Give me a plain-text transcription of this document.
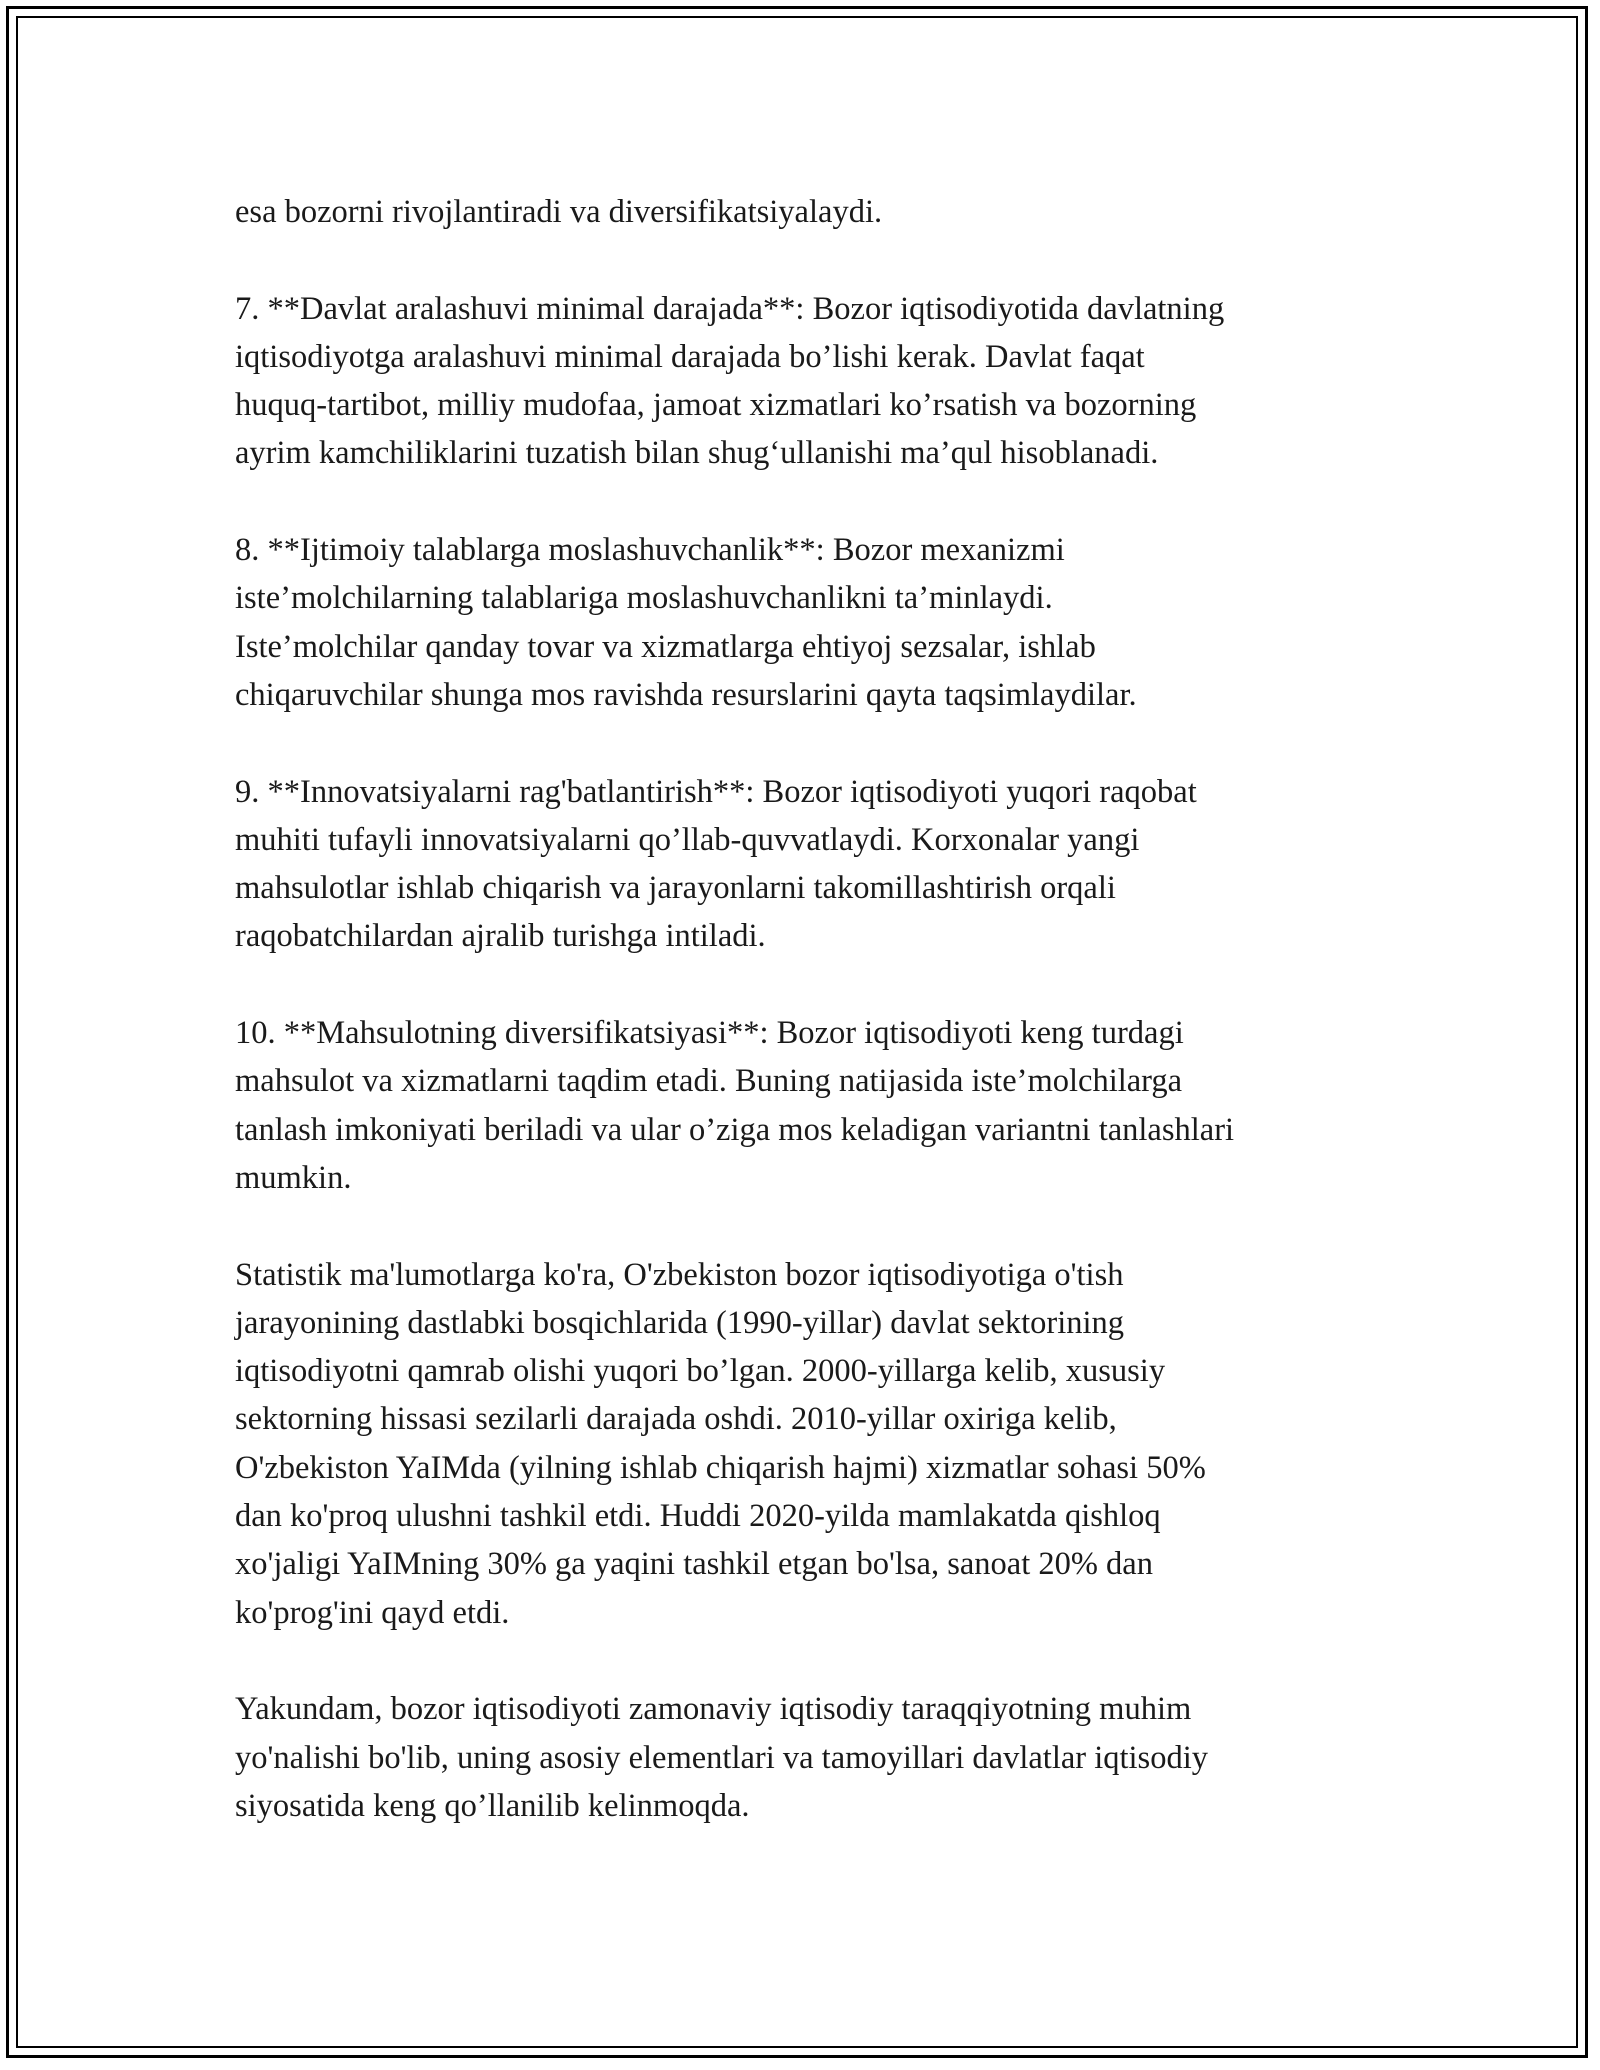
esa bozorni rivojlantiradi va diversifikatsiyalaydi.

7. **Davlat aralashuvi minimal darajada**: Bozor iqtisodiyotida davlatning
iqtisodiyotga aralashuvi minimal darajada bo’lishi kerak. Davlat faqat
huquq-tartibot, milliy mudofaa, jamoat xizmatlari ko’rsatish va bozorning
ayrim kamchiliklarini tuzatish bilan shug‘ullanishi ma’qul hisoblanadi.

8. **Ijtimoiy talablarga moslashuvchanlik**: Bozor mexanizmi
iste’molchilarning talablariga moslashuvchanlikni ta’minlaydi.
Iste’molchilar qanday tovar va xizmatlarga ehtiyoj sezsalar, ishlab
chiqaruvchilar shunga mos ravishda resurslarini qayta taqsimlaydilar.

9. **Innovatsiyalarni rag'batlantirish**: Bozor iqtisodiyoti yuqori raqobat
muhiti tufayli innovatsiyalarni qo’llab-quvvatlaydi. Korxonalar yangi
mahsulotlar ishlab chiqarish va jarayonlarni takomillashtirish orqali
raqobatchilardan ajralib turishga intiladi.

10. **Mahsulotning diversifikatsiyasi**: Bozor iqtisodiyoti keng turdagi
mahsulot va xizmatlarni taqdim etadi. Buning natijasida iste’molchilarga
tanlash imkoniyati beriladi va ular o’ziga mos keladigan variantni tanlashlari
mumkin.

Statistik ma'lumotlarga ko'ra, O'zbekiston bozor iqtisodiyotiga o'tish
jarayonining dastlabki bosqichlarida (1990-yillar) davlat sektorining
iqtisodiyotni qamrab olishi yuqori bo’lgan. 2000-yillarga kelib, xususiy
sektorning hissasi sezilarli darajada oshdi. 2010-yillar oxiriga kelib,
O'zbekiston YaIMda (yilning ishlab chiqarish hajmi) xizmatlar sohasi 50%
dan ko'proq ulushni tashkil etdi. Huddi 2020-yilda mamlakatda qishloq
xo'jaligi YaIMning 30% ga yaqini tashkil etgan bo'lsa, sanoat 20% dan
ko'prog'ini qayd etdi.

Yakundam, bozor iqtisodiyoti zamonaviy iqtisodiy taraqqiyotning muhim
yo'nalishi bo'lib, uning asosiy elementlari va tamoyillari davlatlar iqtisodiy
siyosatida keng qo’llanilib kelinmoqda.
